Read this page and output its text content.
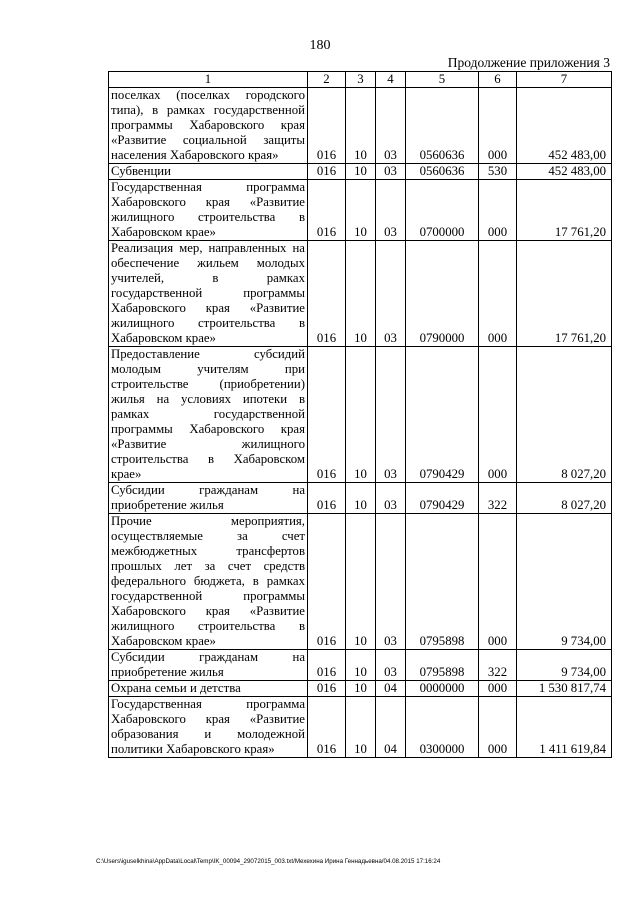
180
Продолжение приложения 3
1	2	3	4	5	6	7
поселках (поселках городского типа), в рамках государственной программы Хабаровского края «Развитие социальной защиты населения Хабаровского края»	016	10	03	0560636	000	452 483,00
Субвенции	016	10	03	0560636	530	452 483,00
Государственная программа Хабаровского края «Развитие жилищного строительства в Хабаровском крае»	016	10	03	0700000	000	17 761,20
Реализация мер, направленных на обеспечение жильем молодых учителей, в рамках государственной программы Хабаровского края «Развитие жилищного строительства в Хабаровском крае»	016	10	03	0790000	000	17 761,20
Предоставление субсидий молодым учителям при строительстве (приобретении) жилья на условиях ипотеки в рамках государственной программы Хабаровского края «Развитие жилищного строительства в Хабаровском крае»	016	10	03	0790429	000	8 027,20
Субсидии гражданам на приобретение жилья	016	10	03	0790429	322	8 027,20
Прочие мероприятия, осуществляемые за счет межбюджетных трансфертов прошлых лет за счет средств федерального бюджета, в рамках государственной программы Хабаровского края «Развитие жилищного строительства в Хабаровском крае»	016	10	03	0795898	000	9 734,00
Субсидии гражданам на приобретение жилья	016	10	03	0795898	322	9 734,00
Охрана семьи и детства	016	10	04	0000000	000	1 530 817,74
Государственная программа Хабаровского края «Развитие образования и молодежной политики Хабаровского края»	016	10	04	0300000	000	1 411 619,84
C:\Users\iguselkhina\AppData\Local\Temp\IK_00094_29072015_003.txt/Мехехина Ирина Геннадьевна/04.08.2015 17:16:24
